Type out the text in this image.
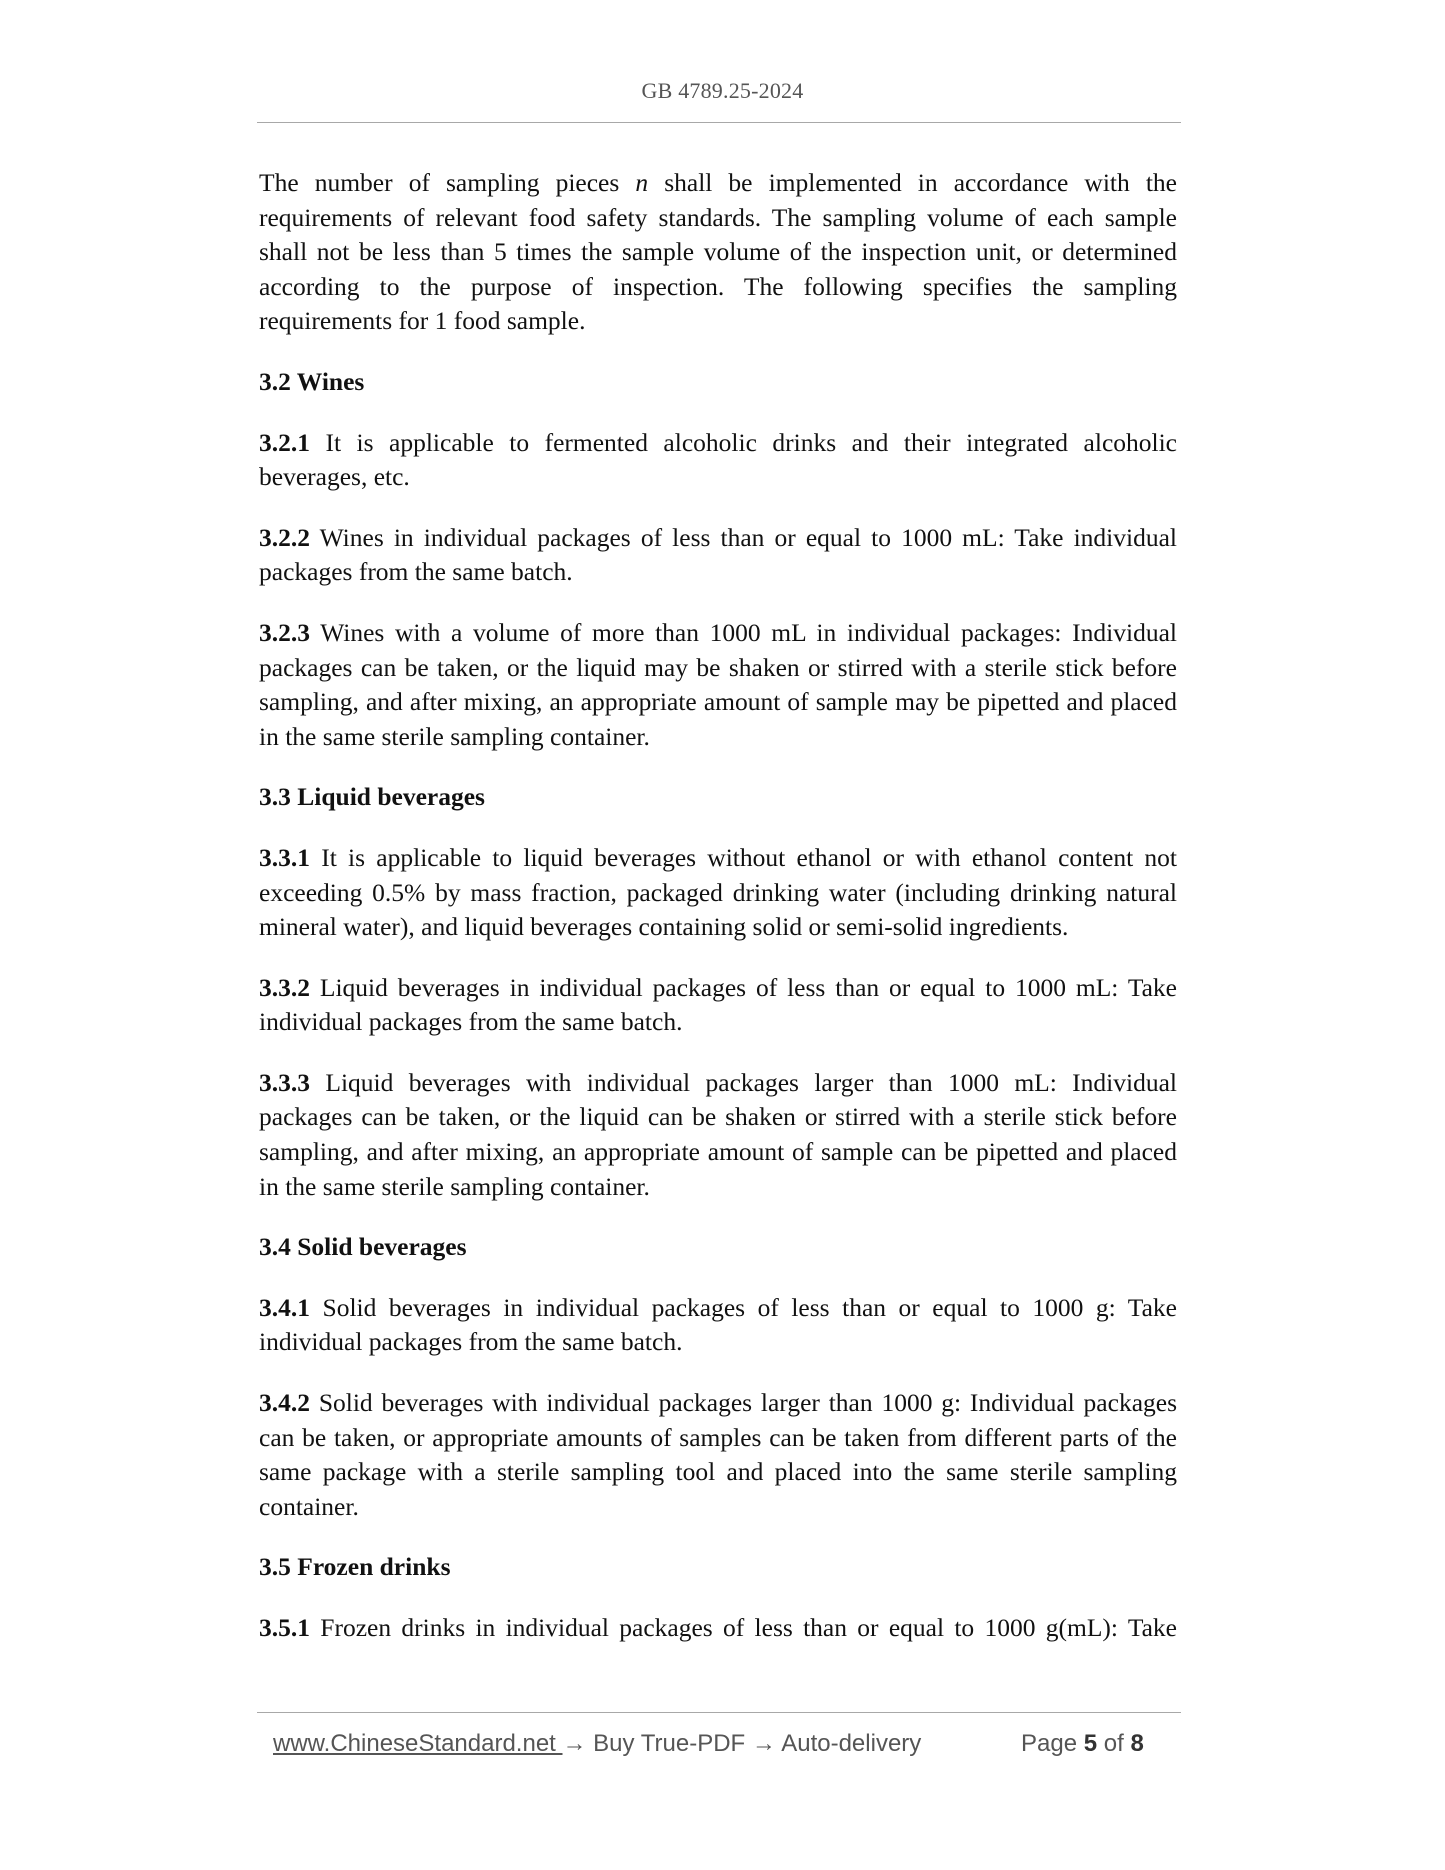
GB 4789.25-2024

The number of sampling pieces n shall be implemented in accordance with the requirements of relevant food safety standards. The sampling volume of each sample shall not be less than 5 times the sample volume of the inspection unit, or determined according to the purpose of inspection. The following specifies the sampling requirements for 1 food sample.

3.2 Wines

3.2.1 It is applicable to fermented alcoholic drinks and their integrated alcoholic beverages, etc.

3.2.2 Wines in individual packages of less than or equal to 1000 mL: Take individual packages from the same batch.

3.2.3 Wines with a volume of more than 1000 mL in individual packages: Individual packages can be taken, or the liquid may be shaken or stirred with a sterile stick before sampling, and after mixing, an appropriate amount of sample may be pipetted and placed in the same sterile sampling container.

3.3 Liquid beverages

3.3.1 It is applicable to liquid beverages without ethanol or with ethanol content not exceeding 0.5% by mass fraction, packaged drinking water (including drinking natural mineral water), and liquid beverages containing solid or semi-solid ingredients.

3.3.2 Liquid beverages in individual packages of less than or equal to 1000 mL: Take individual packages from the same batch.

3.3.3 Liquid beverages with individual packages larger than 1000 mL: Individual packages can be taken, or the liquid can be shaken or stirred with a sterile stick before sampling, and after mixing, an appropriate amount of sample can be pipetted and placed in the same sterile sampling container.

3.4 Solid beverages

3.4.1 Solid beverages in individual packages of less than or equal to 1000 g: Take individual packages from the same batch.

3.4.2 Solid beverages with individual packages larger than 1000 g: Individual packages can be taken, or appropriate amounts of samples can be taken from different parts of the same package with a sterile sampling tool and placed into the same sterile sampling container.

3.5 Frozen drinks

3.5.1 Frozen drinks in individual packages of less than or equal to 1000 g(mL): Take

www.ChineseStandard.net → Buy True-PDF → Auto-delivery	Page 5 of 8
